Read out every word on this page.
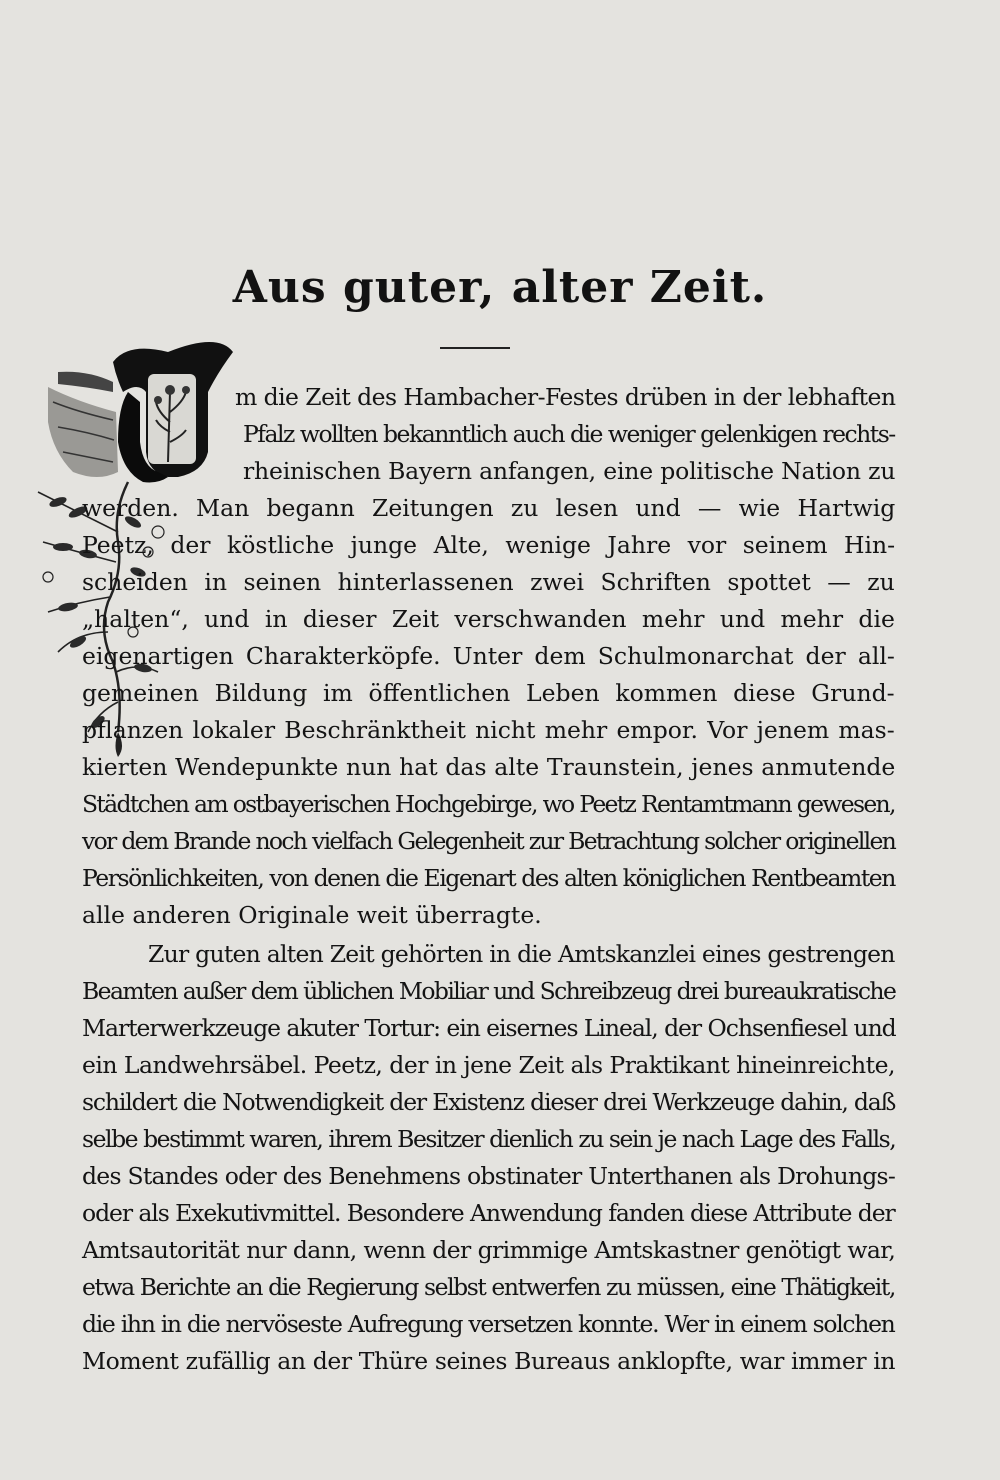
Aus guter, alter Zeit.
m die Zeit des Hambacher-Festes drüben in der lebhaften
Pfalz wollten bekanntlich auch die weniger gelenkigen rechts-
rheinischen Bayern anfangen, eine politische Nation zu
werden. Man begann Zeitungen zu lesen und — wie Hartwig
Peetz, der köstliche junge Alte, wenige Jahre vor seinem Hin-
scheiden in seinen hinterlassenen zwei Schriften spottet — zu
„halten“, und in dieser Zeit verschwanden mehr und mehr die
eigenartigen Charakterköpfe. Unter dem Schulmonarchat der all-
gemeinen Bildung im öffentlichen Leben kommen diese Grund-
pflanzen lokaler Beschränktheit nicht mehr empor. Vor jenem mas-
kierten Wendepunkte nun hat das alte Traunstein, jenes anmutende
Städtchen am ostbayerischen Hochgebirge, wo Peetz Rentamtmann gewesen,
vor dem Brande noch vielfach Gelegenheit zur Betrachtung solcher originellen
Persönlichkeiten, von denen die Eigenart des alten königlichen Rentbeamten
alle anderen Originale weit überragte.
Zur guten alten Zeit gehörten in die Amtskanzlei eines gestrengen
Beamten außer dem üblichen Mobiliar und Schreibzeug drei bureaukratische
Marterwerkzeuge akuter Tortur: ein eisernes Lineal, der Ochsenfiesel und
ein Landwehrsäbel. Peetz, der in jene Zeit als Praktikant hineinreichte,
schildert die Notwendigkeit der Existenz dieser drei Werkzeuge dahin, daß
selbe bestimmt waren, ihrem Besitzer dienlich zu sein je nach Lage des Falls,
des Standes oder des Benehmens obstinater Unterthanen als Drohungs-
oder als Exekutivmittel. Besondere Anwendung fanden diese Attribute der
Amtsautorität nur dann, wenn der grimmige Amtskastner genötigt war,
etwa Berichte an die Regierung selbst entwerfen zu müssen, eine Thätigkeit,
die ihn in die nervöseste Aufregung versetzen konnte. Wer in einem solchen
Moment zufällig an der Thüre seines Bureaus anklopfte, war immer in
